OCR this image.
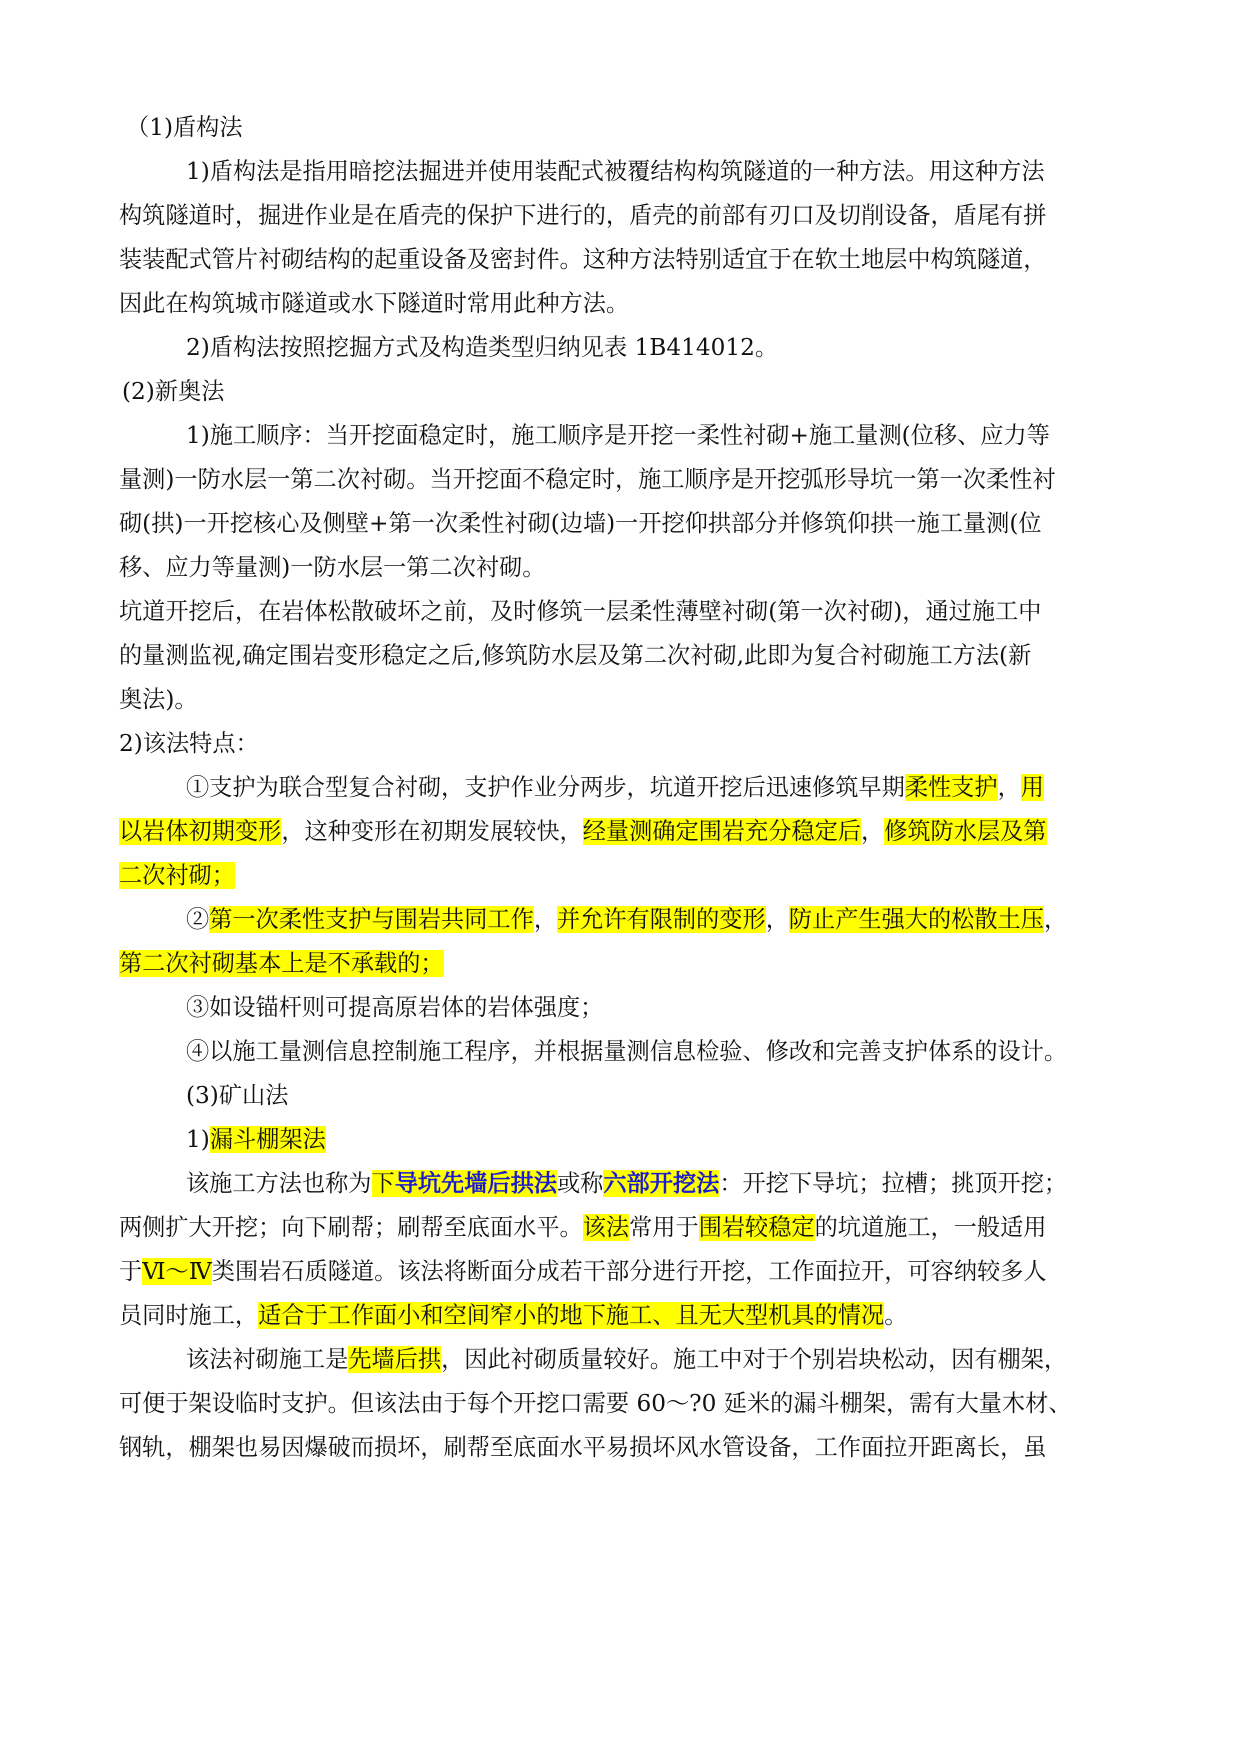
（1)盾构法
1)盾构法是指用暗挖法掘进并使用装配式被覆结构构筑隧道的一种方法。用这种方法
构筑隧道时，掘进作业是在盾壳的保护下进行的，盾壳的前部有刃口及切削设备，盾尾有拼
装装配式管片衬砌结构的起重设备及密封件。这种方法特别适宜于在软土地层中构筑隧道，
因此在构筑城市隧道或水下隧道时常用此种方法。
2)盾构法按照挖掘方式及构造类型归纳见表 1B414012。
(2)新奥法
1)施工顺序：当开挖面稳定时，施工顺序是开挖一柔性衬砌+施工量测(位移、应力等
量测)一防水层一第二次衬砌。当开挖面不稳定时，施工顺序是开挖弧形导坑一第一次柔性衬
砌(拱)一开挖核心及侧壁+第一次柔性衬砌(边墙)一开挖仰拱部分并修筑仰拱一施工量测(位
移、应力等量测)一防水层一第二次衬砌。
坑道开挖后，在岩体松散破坏之前，及时修筑一层柔性薄壁衬砌(第一次衬砌)，通过施工中
的量测监视,确定围岩变形稳定之后,修筑防水层及第二次衬砌,此即为复合衬砌施工方法(新
奥法)。
2)该法特点：
①支护为联合型复合衬砌，支护作业分两步，坑道开挖后迅速修筑早期柔性支护，用
以岩体初期变形，这种变形在初期发展较快，经量测确定围岩充分稳定后，修筑防水层及第
二次衬砌；
②第一次柔性支护与围岩共同工作，并允许有限制的变形，防止产生强大的松散土压，
第二次衬砌基本上是不承载的；
③如设锚杆则可提高原岩体的岩体强度；
④以施工量测信息控制施工程序，并根据量测信息检验、修改和完善支护体系的设计。
(3)矿山法
1)漏斗棚架法
该施工方法也称为下导坑先墙后拱法或称六部开挖法：开挖下导坑；拉槽；挑顶开挖；
两侧扩大开挖；向下刷帮；刷帮至底面水平。该法常用于围岩较稳定的坑道施工，一般适用
于Ⅵ～Ⅳ类围岩石质隧道。该法将断面分成若干部分进行开挖，工作面拉开，可容纳较多人
员同时施工，适合于工作面小和空间窄小的地下施工、且无大型机具的情况。
该法衬砌施工是先墙后拱，因此衬砌质量较好。施工中对于个别岩块松动，因有棚架，
可便于架设临时支护。但该法由于每个开挖口需要 60～?0 延米的漏斗棚架，需有大量木材、
钢轨，棚架也易因爆破而损坏，刷帮至底面水平易损坏风水管设备，工作面拉开距离长，虽
